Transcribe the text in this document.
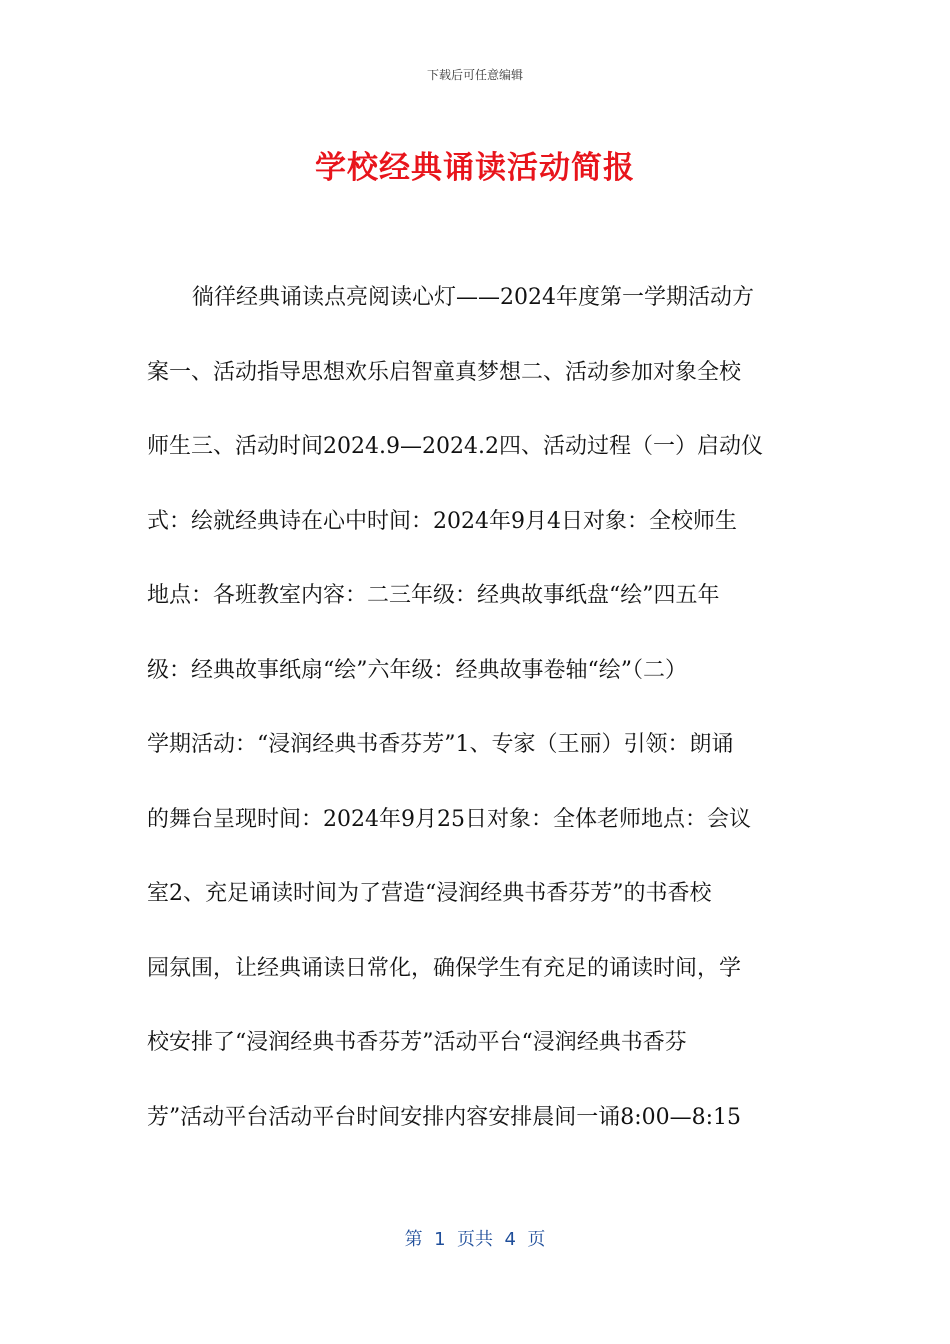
下载后可任意编辑
学校经典诵读活动简报
徜徉经典诵读点亮阅读心灯——2024年度第一学期活动方
案一、活动指导思想欢乐启智童真梦想二、活动参加对象全校
师生三、活动时间2024.9—2024.2四、活动过程（一）启动仪
式：绘就经典诗在心中时间：2024年9月4日对象：全校师生
地点：各班教室内容：二三年级：经典故事纸盘“绘”四五年
级：经典故事纸扇“绘”六年级：经典故事卷轴“绘”（二）
学期活动：“浸润经典书香芬芳”1、专家（王丽）引领：朗诵
的舞台呈现时间：2024年9月25日对象：全体老师地点：会议
室2、充足诵读时间为了营造“浸润经典书香芬芳”的书香校
园氛围，让经典诵读日常化，确保学生有充足的诵读时间，学
校安排了“浸润经典书香芬芳”活动平台“浸润经典书香芬
芳”活动平台活动平台时间安排内容安排晨间一诵8:00—8:15
第  1  页共  4  页
